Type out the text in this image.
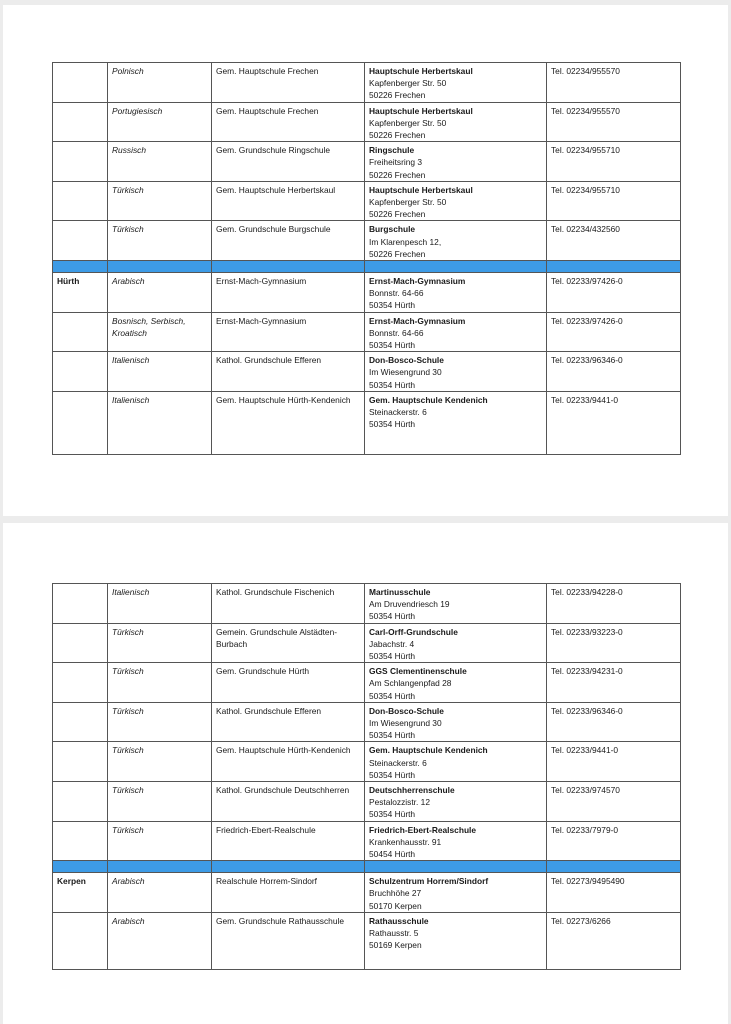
	Polnisch	Gem. Hauptschule Frechen	Hauptschule Herbertskaul
Kapfenberger Str. 50
50226 Frechen	Tel. 02234/955570
	Portugiesisch	Gem. Hauptschule Frechen	Hauptschule Herbertskaul
Kapfenberger Str. 50
50226 Frechen	Tel. 02234/955570
	Russisch	Gem. Grundschule Ringschule	Ringschule
Freiheitsring 3
50226 Frechen	Tel. 02234/955710
	Türkisch	Gem. Hauptschule Herbertskaul	Hauptschule Herbertskaul
Kapfenberger Str. 50
50226 Frechen	Tel. 02234/955710
	Türkisch	Gem. Grundschule Burgschule	Burgschule
Im Klarenpesch 12,
50226 Frechen	Tel. 02234/432560

Hürth	Arabisch	Ernst-Mach-Gymnasium	Ernst-Mach-Gymnasium
Bonnstr. 64-66
50354 Hürth	Tel. 02233/97426-0
	Bosnisch, Serbisch, Kroatisch	Ernst-Mach-Gymnasium	Ernst-Mach-Gymnasium
Bonnstr. 64-66
50354 Hürth	Tel. 02233/97426-0
	Italienisch	Kathol. Grundschule Efferen	Don-Bosco-Schule
Im Wiesengrund 30
50354 Hürth	Tel. 02233/96346-0
	Italienisch	Gem. Hauptschule Hürth-Kendenich	Gem. Hauptschule Kendenich
Steinackerstr. 6
50354 Hürth	Tel. 02233/9441-0
	Italienisch	Kathol. Grundschule Fischenich	Martinusschule
Am Druvendriesch 19
50354 Hürth	Tel. 02233/94228-0
	Türkisch	Gemein. Grundschule Alstädten-Burbach	Carl-Orff-Grundschule
Jabachstr. 4
50354 Hürth	Tel. 02233/93223-0
	Türkisch	Gem. Grundschule Hürth	GGS Clementinenschule
Am Schlangenpfad 28
50354 Hürth	Tel. 02233/94231-0
	Türkisch	Kathol. Grundschule Efferen	Don-Bosco-Schule
Im Wiesengrund 30
50354 Hürth	Tel. 02233/96346-0
	Türkisch	Gem. Hauptschule Hürth-Kendenich	Gem. Hauptschule Kendenich
Steinackerstr. 6
50354 Hürth	Tel. 02233/9441-0
	Türkisch	Kathol. Grundschule Deutschherren	Deutschherrenschule
Pestalozzistr. 12
50354 Hürth	Tel. 02233/974570
	Türkisch	Friedrich-Ebert-Realschule	Friedrich-Ebert-Realschule
Krankenhausstr. 91
50454 Hürth	Tel. 02233/7979-0

Kerpen	Arabisch	Realschule Horrem-Sindorf	Schulzentrum Horrem/Sindorf
Bruchhöhe 27
50170 Kerpen	Tel. 02273/9495490
	Arabisch	Gem. Grundschule Rathausschule	Rathausschule
Rathausstr. 5
50169 Kerpen	Tel. 02273/6266
